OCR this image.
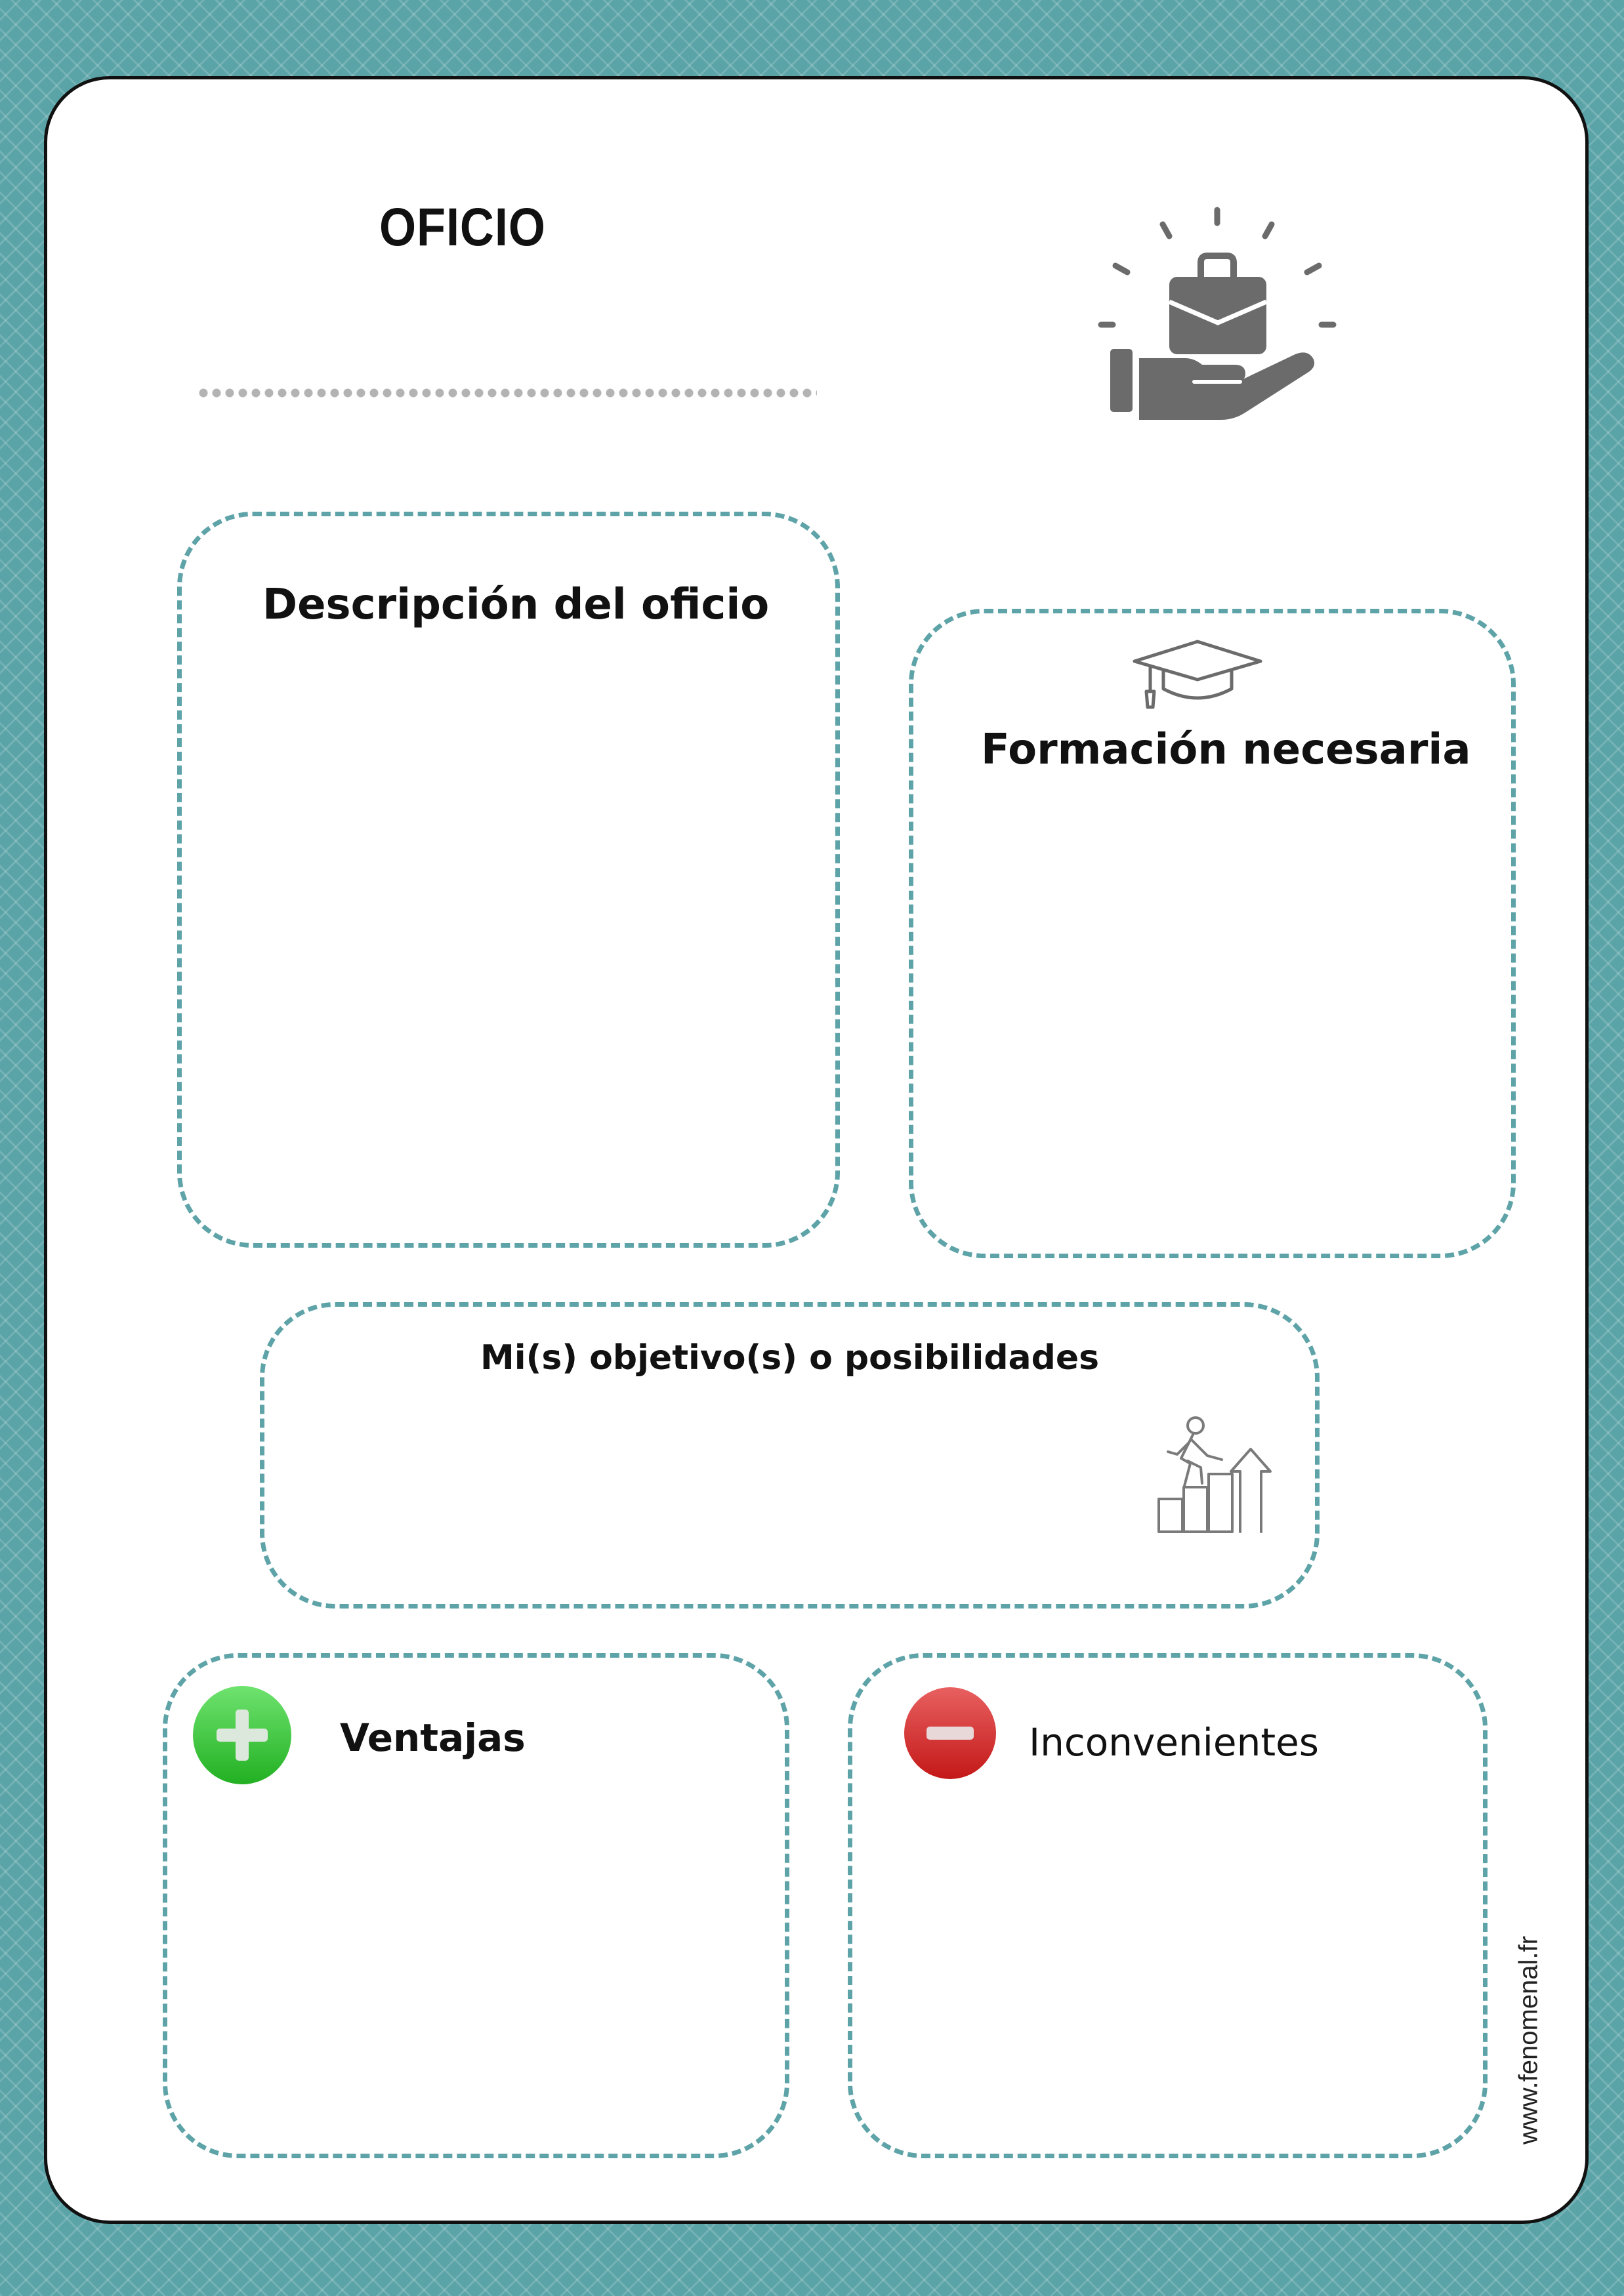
OFICIO
Descripción del oficio
Formación necesaria
Mi(s) objetivo(s) o posibilidades
Ventajas	Inconvenientes
www.fenomenal.fr
